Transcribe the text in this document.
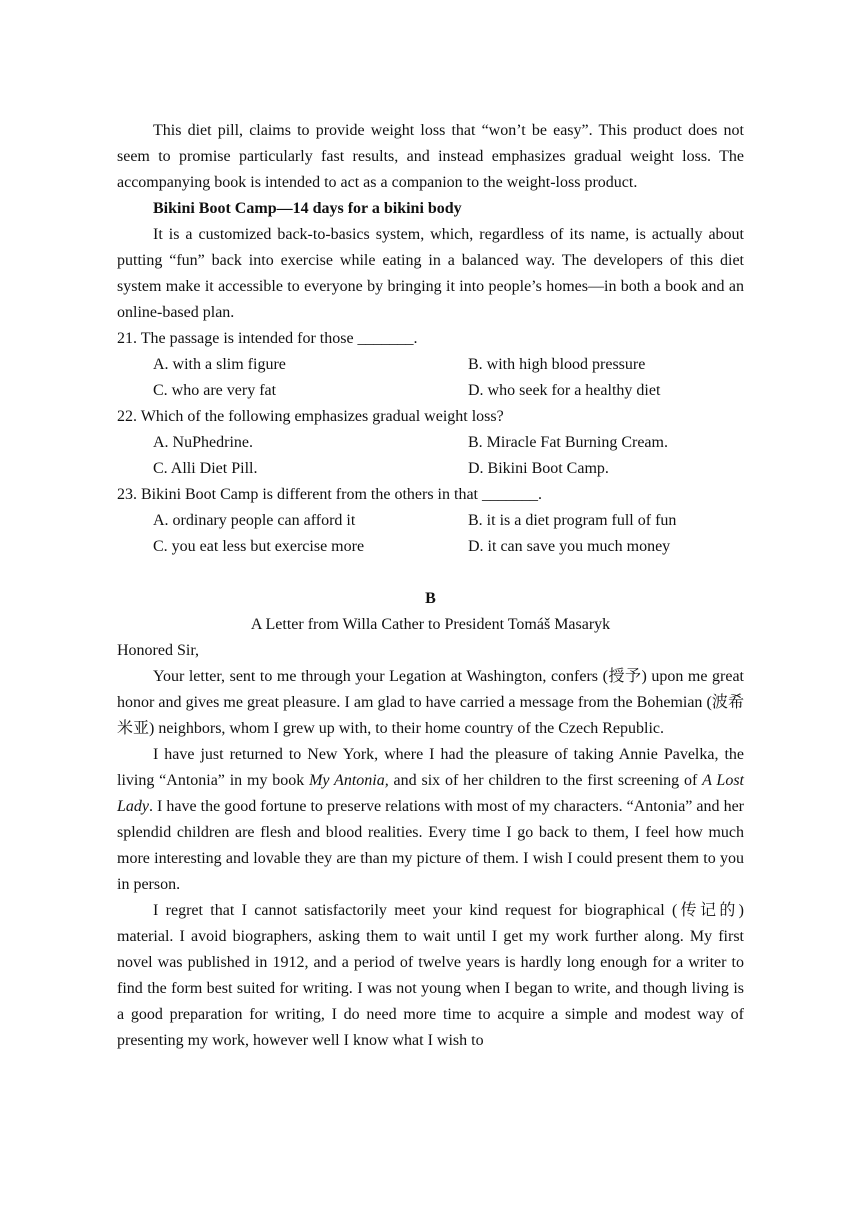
This diet pill, claims to provide weight loss that “won’t be easy”. This product does not seem to promise particularly fast results, and instead emphasizes gradual weight loss. The accompanying book is intended to act as a companion to the weight-loss product.

Bikini Boot Camp—14 days for a bikini body

It is a customized back-to-basics system, which, regardless of its name, is actually about putting “fun” back into exercise while eating in a balanced way. The developers of this diet system make it accessible to everyone by bringing it into people’s homes—in both a book and an online-based plan.

21. The passage is intended for those _______.

A. with a slim figure	B. with high blood pressure
C. who are very fat	D. who seek for a healthy diet

22. Which of the following emphasizes gradual weight loss?

A. NuPhedrine.	B. Miracle Fat Burning Cream.
C. Alli Diet Pill.	D. Bikini Boot Camp.

23. Bikini Boot Camp is different from the others in that _______.

A. ordinary people can afford it	B. it is a diet program full of fun
C. you eat less but exercise more	D. it can save you much money

B

A Letter from Willa Cather to President Tomáš Masaryk

Honored Sir,

Your letter, sent to me through your Legation at Washington, confers (授予) upon me great honor and gives me great pleasure. I am glad to have carried a message from the Bohemian (波希米亚) neighbors, whom I grew up with, to their home country of the Czech Republic.

I have just returned to New York, where I had the pleasure of taking Annie Pavelka, the living “Antonia” in my book My Antonia, and six of her children to the first screening of A Lost Lady. I have the good fortune to preserve relations with most of my characters. “Antonia” and her splendid children are flesh and blood realities. Every time I go back to them, I feel how much more interesting and lovable they are than my picture of them. I wish I could present them to you in person.

I regret that I cannot satisfactorily meet your kind request for biographical (传记的) material. I avoid biographers, asking them to wait until I get my work further along. My first novel was published in 1912, and a period of twelve years is hardly long enough for a writer to find the form best suited for writing. I was not young when I began to write, and though living is a good preparation for writing, I do need more time to acquire a simple and modest way of presenting my work, however well I know what I wish to
